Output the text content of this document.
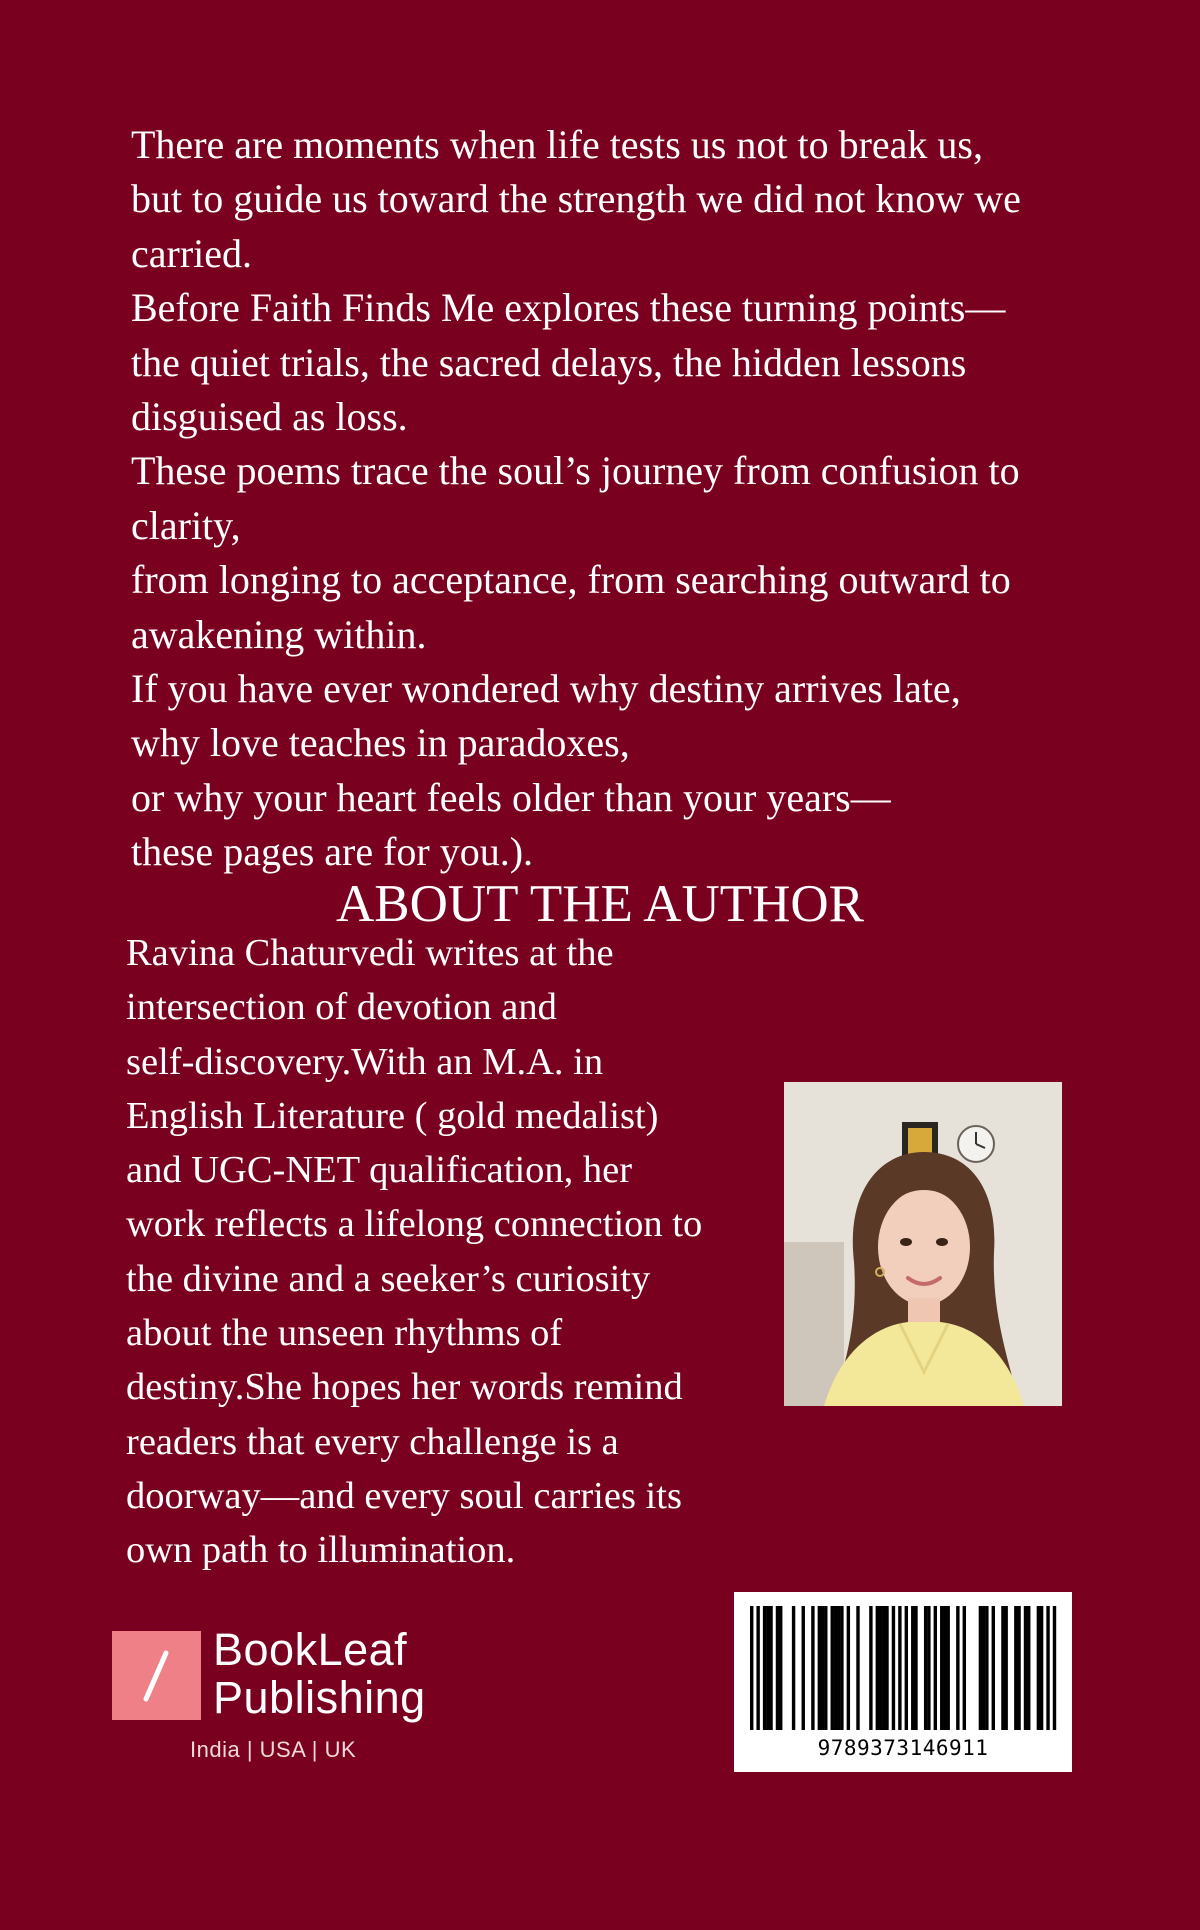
There are moments when life tests us not to break us,

but to guide us toward the strength we did not know we

carried.

Before Faith Finds Me explores these turning points—

the quiet trials, the sacred delays, the hidden lessons

disguised as loss.

These poems trace the soul’s journey from confusion to

clarity,

from longing to acceptance, from searching outward to

awakening within.

If you have ever wondered why destiny arrives late,

why love teaches in paradoxes,

or why your heart feels older than your years—

these pages are for you.).

ABOUT THE AUTHOR

Ravina Chaturvedi writes at the

intersection of devotion and

self-discovery.With an M.A. in

English Literature ( gold medalist)

and UGC-NET qualification, her

work reflects a lifelong connection to

the divine and a seeker’s curiosity

about the unseen rhythms of

destiny.She hopes her words remind

readers that every challenge is a

doorway—and every soul carries its

own path to illumination.

BookLeaf
Publishing
India | USA | UK	9789373146911
